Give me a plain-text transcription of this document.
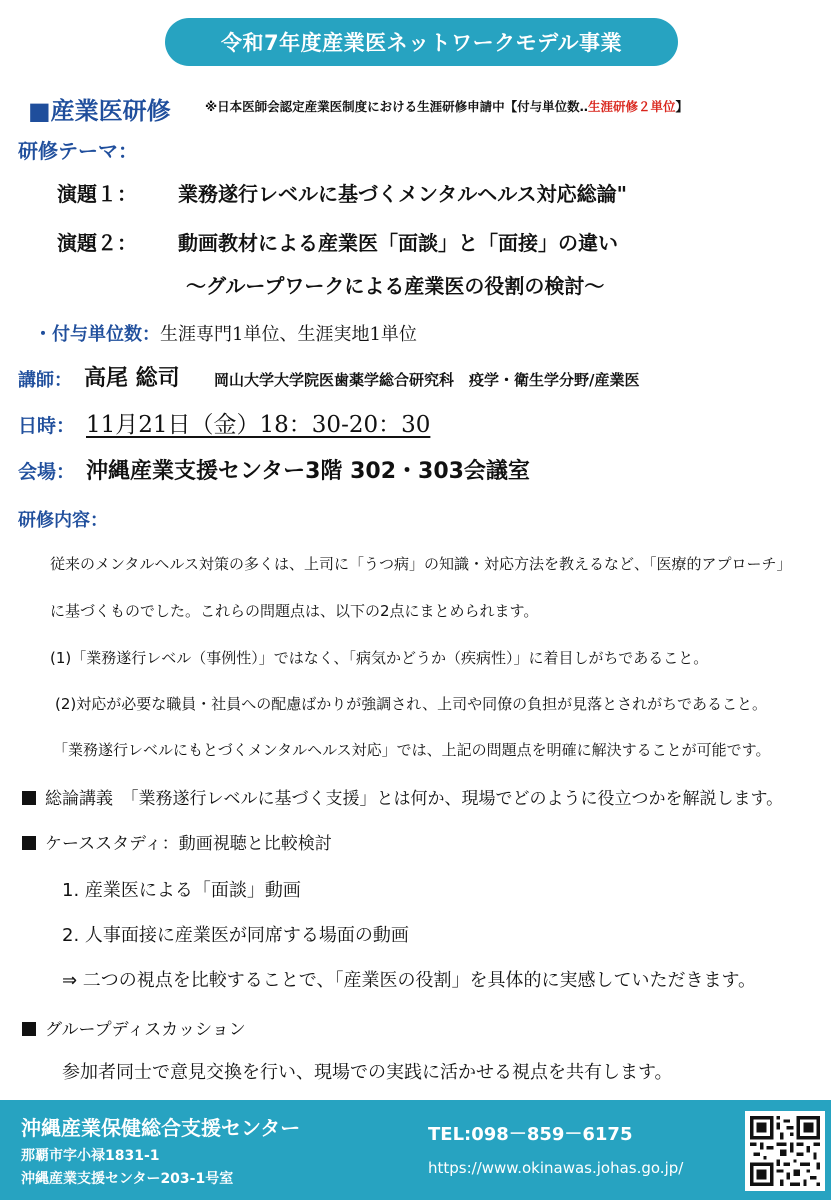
令和7年度産業医ネットワークモデル事業
■産業医研修	※日本医師会認定産業医制度における生涯研修申請中【付与単位数‥生涯研修２単位】
研修テーマ：
演題１： 業務遂行レベルに基づくメンタルヘルス対応総論"
演題２： 動画教材による産業医「面談」と「面接」の違い
～グループワークによる産業医の役割の検討～
・付与単位数：生涯専門1単位、生涯実地1単位
講師： 高尾 総司 岡山大学大学院医歯薬学総合研究科　疫学・衛生学分野/産業医
日時： 11月21日（金）18：30-20：30
会場： 沖縄産業支援センター3階 302・303会議室
研修内容：
従来のメンタルヘルス対策の多くは、上司に「うつ病」の知識・対応方法を教えるなど、「医療的アプローチ」
に基づくものでした。これらの問題点は、以下の2点にまとめられます。
(1)「業務遂行レベル（事例性）」ではなく、「病気かどうか（疾病性）」に着目しがちであること。
(2)対応が必要な職員・社員への配慮ばかりが強調され、上司や同僚の負担が見落とされがちであること。
「業務遂行レベルにもとづくメンタルヘルス対応」では、上記の問題点を明確に解決することが可能です。
総論講義　「業務遂行レベルに基づく支援」とは何か、現場でどのように役立つかを解説します。
ケーススタディ：動画視聴と比較検討
1. 産業医による「面談」動画
2. 人事面接に産業医が同席する場面の動画
⇒ 二つの視点を比較することで、「産業医の役割」を具体的に実感していただきます。
グループディスカッション
参加者同士で意見交換を行い、現場での実践に活かせる視点を共有します。
沖縄産業保健総合支援センター
那覇市字小禄1831-1
沖縄産業支援センター203-1号室
TEL:098－859－6175
https://www.okinawas.johas.go.jp/
